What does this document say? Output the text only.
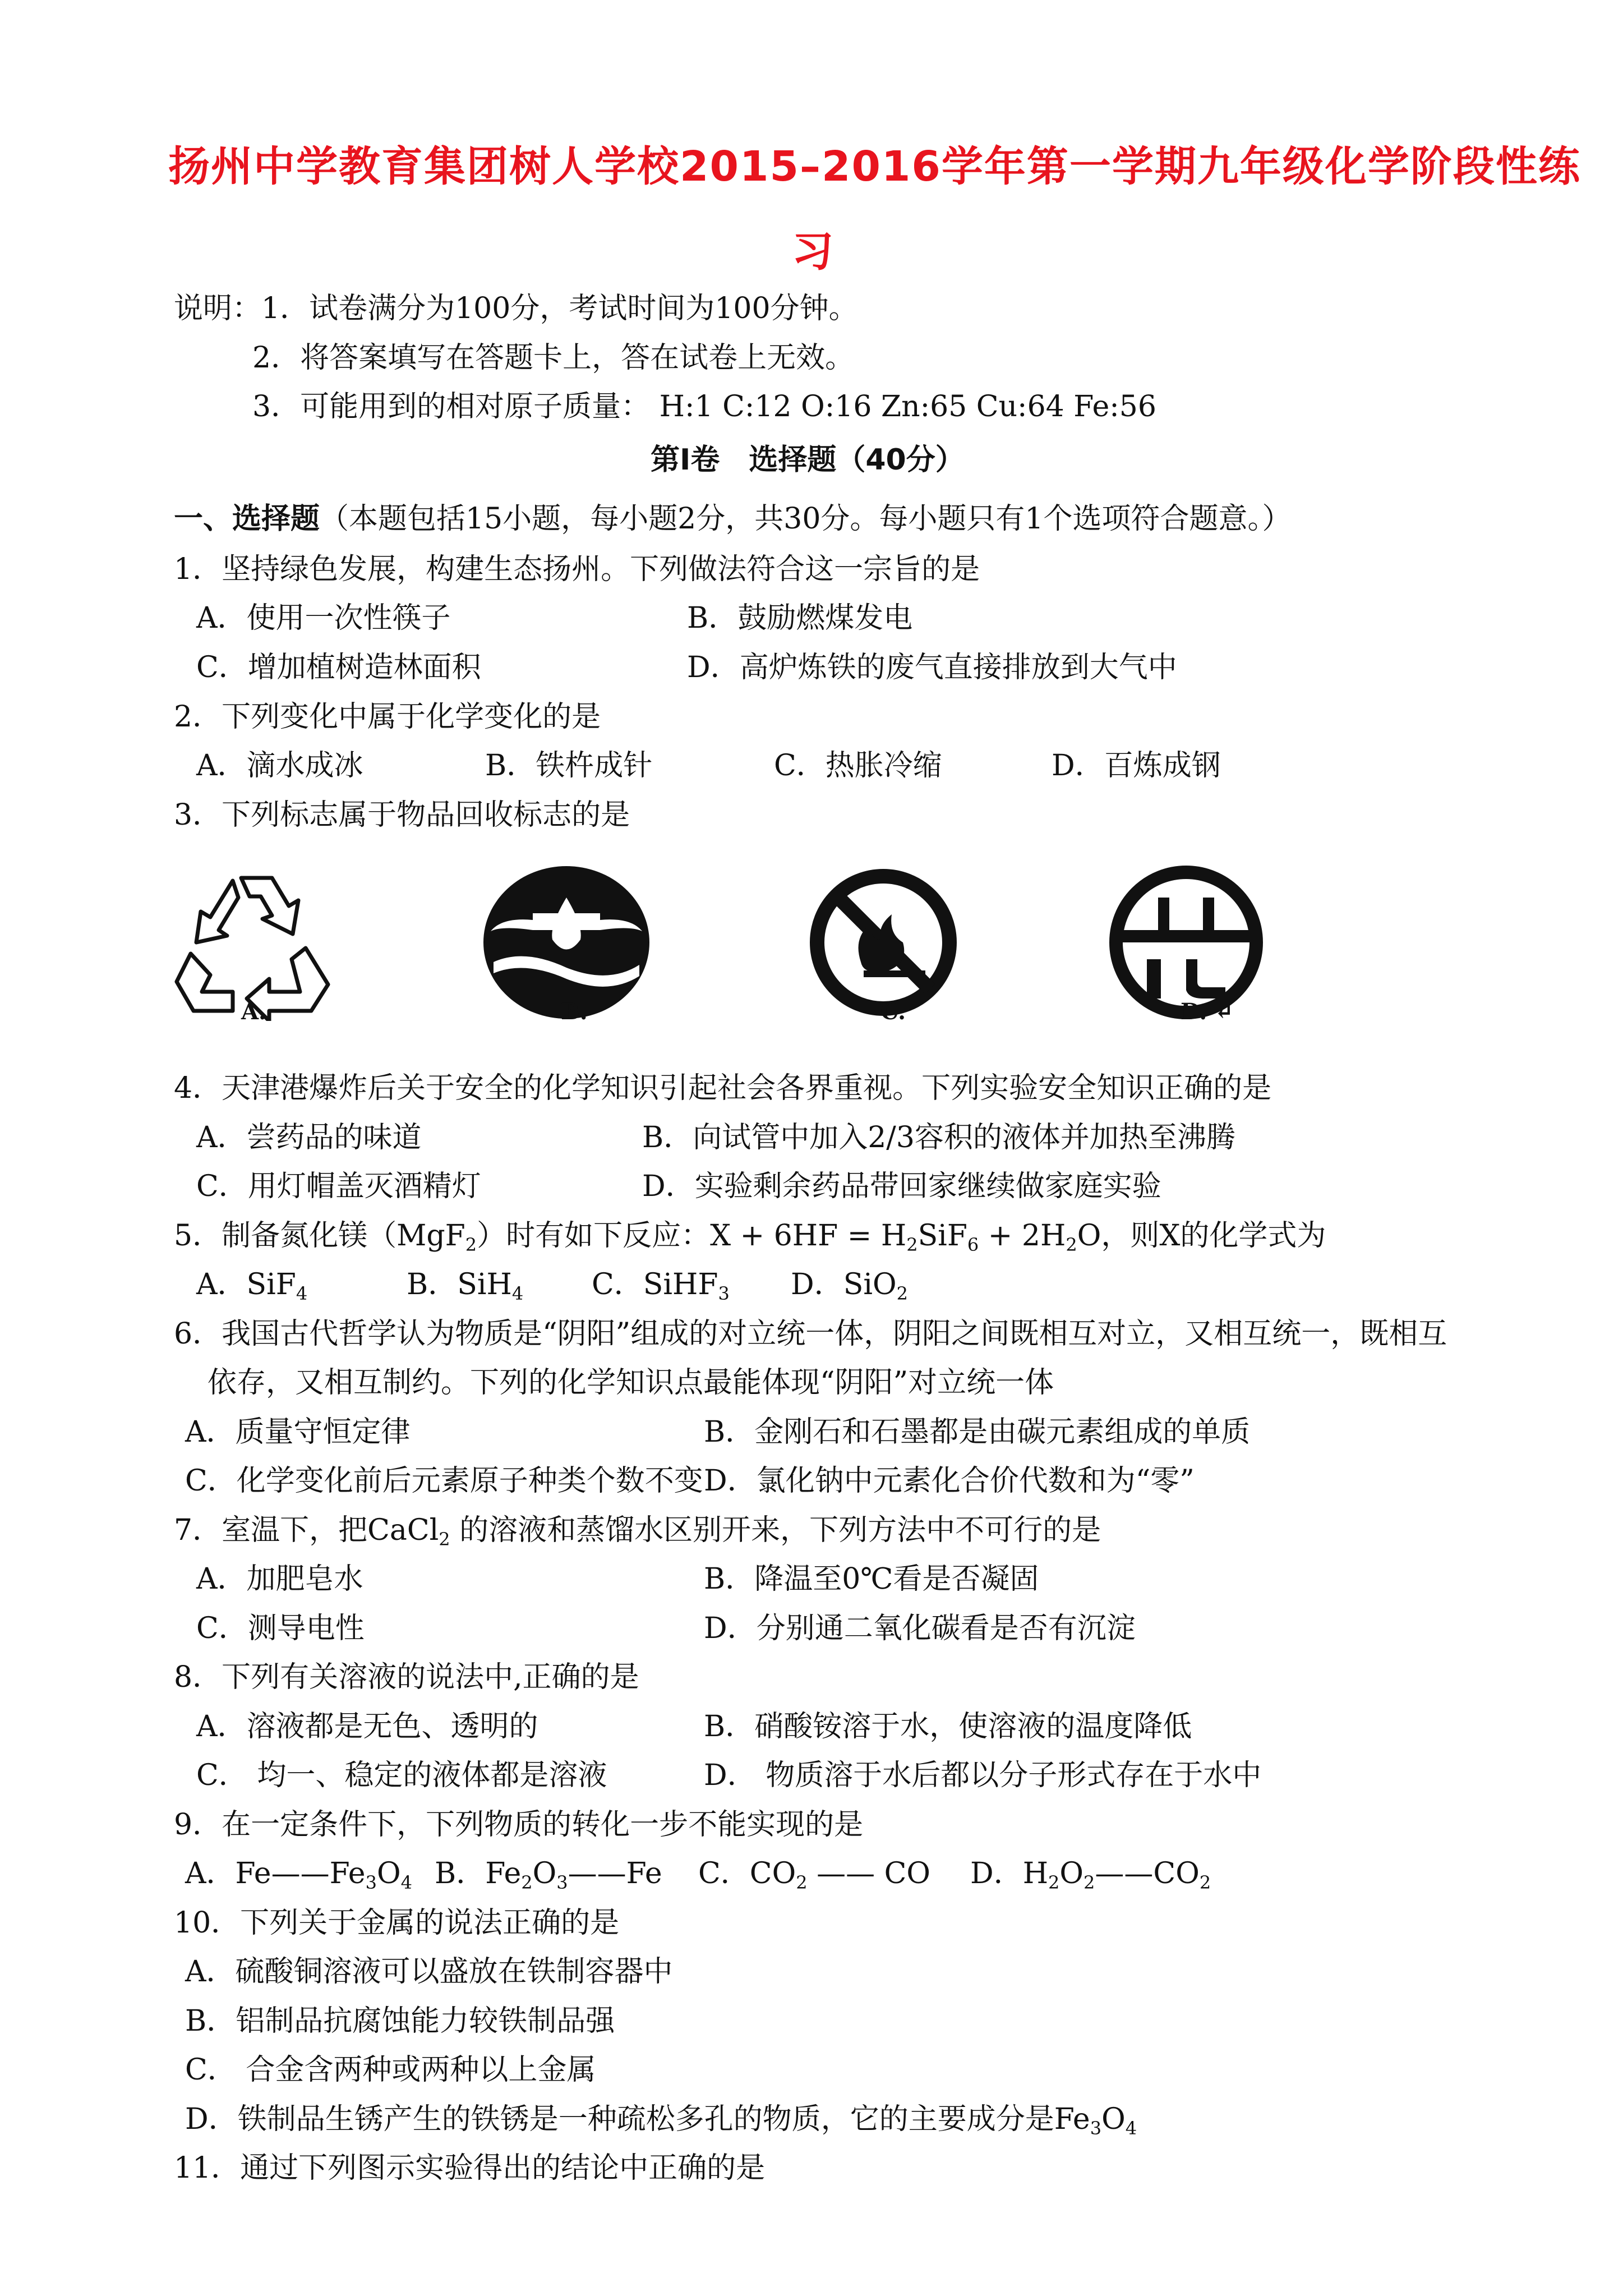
扬州中学教育集团树人学校2015–2016学年第一学期九年级化学阶段性练
习
说明：1．试卷满分为100分，考试时间为100分钟。
2．将答案填写在答题卡上，答在试卷上无效。
3．可能用到的相对原子质量： H:1 C:12 O:16 Zn:65 Cu:64 Fe:56
第Ⅰ卷　选择题（40分）
一、选择题（本题包括15小题，每小题2分，共30分。每小题只有1个选项符合题意。）
1．坚持绿色发展，构建生态扬州。下列做法符合这一宗旨的是
A．使用一次性筷子	B．鼓励燃煤发电
C．增加植树造林面积	D．高炉炼铁的废气直接排放到大气中
2．下列变化中属于化学变化的是
A．滴水成冰	B．铁杵成针	C．热胀冷缩	D．百炼成钢
3．下列标志属于物品回收标志的是
A.	B.	C.	D. ↵
4．天津港爆炸后关于安全的化学知识引起社会各界重视。下列实验安全知识正确的是
A．尝药品的味道	B．向试管中加入2/3容积的液体并加热至沸腾
C．用灯帽盖灭酒精灯	D．实验剩余药品带回家继续做家庭实验
5．制备氮化镁（MgF$_2$）时有如下反应：$X + 6HF = H_2SiF_6 + 2H_2O$，则X的化学式为
A．SiF$_4$	B．SiH$_4$ C．SiHF$_3$ D．SiO$_2$
6．我国古代哲学认为物质是“阴阳”组成的对立统一体，阴阳之间既相互对立，又相互统一，既相互
依存，又相互制约。下列的化学知识点最能体现“阴阳”对立统一体
A．质量守恒定律	B．金刚石和石墨都是由碳元素组成的单质
C．化学变化前后元素原子种类个数不变 D．氯化钠中元素化合价代数和为“零”
7．室温下，把CaCl$_2$ 的溶液和蒸馏水区别开来，下列方法中不可行的是
A．加肥皂水	B．降温至0℃看是否凝固
C．测导电性	D．分别通二氧化碳看是否有沉淀
8．下列有关溶液的说法中,正确的是
A．溶液都是无色、透明的	B．硝酸铵溶于水，使溶液的温度降低
C． 均一、稳定的液体都是溶液	D． 物质溶于水后都以分子形式存在于水中
9．在一定条件下，下列物质的转化一步不能实现的是
A．$Fe——Fe_3O_4$ B．$Fe_2O_3——Fe$ C．$CO_2$ —— CO D．$H_2O_2——CO_2$
10．下列关于金属的说法正确的是
A．硫酸铜溶液可以盛放在铁制容器中
B．铝制品抗腐蚀能力较铁制品强
C． 合金含两种或两种以上金属
D．铁制品生锈产生的铁锈是一种疏松多孔的物质，它的主要成分是$Fe_3O_4$
11．通过下列图示实验得出的结论中正确的是
